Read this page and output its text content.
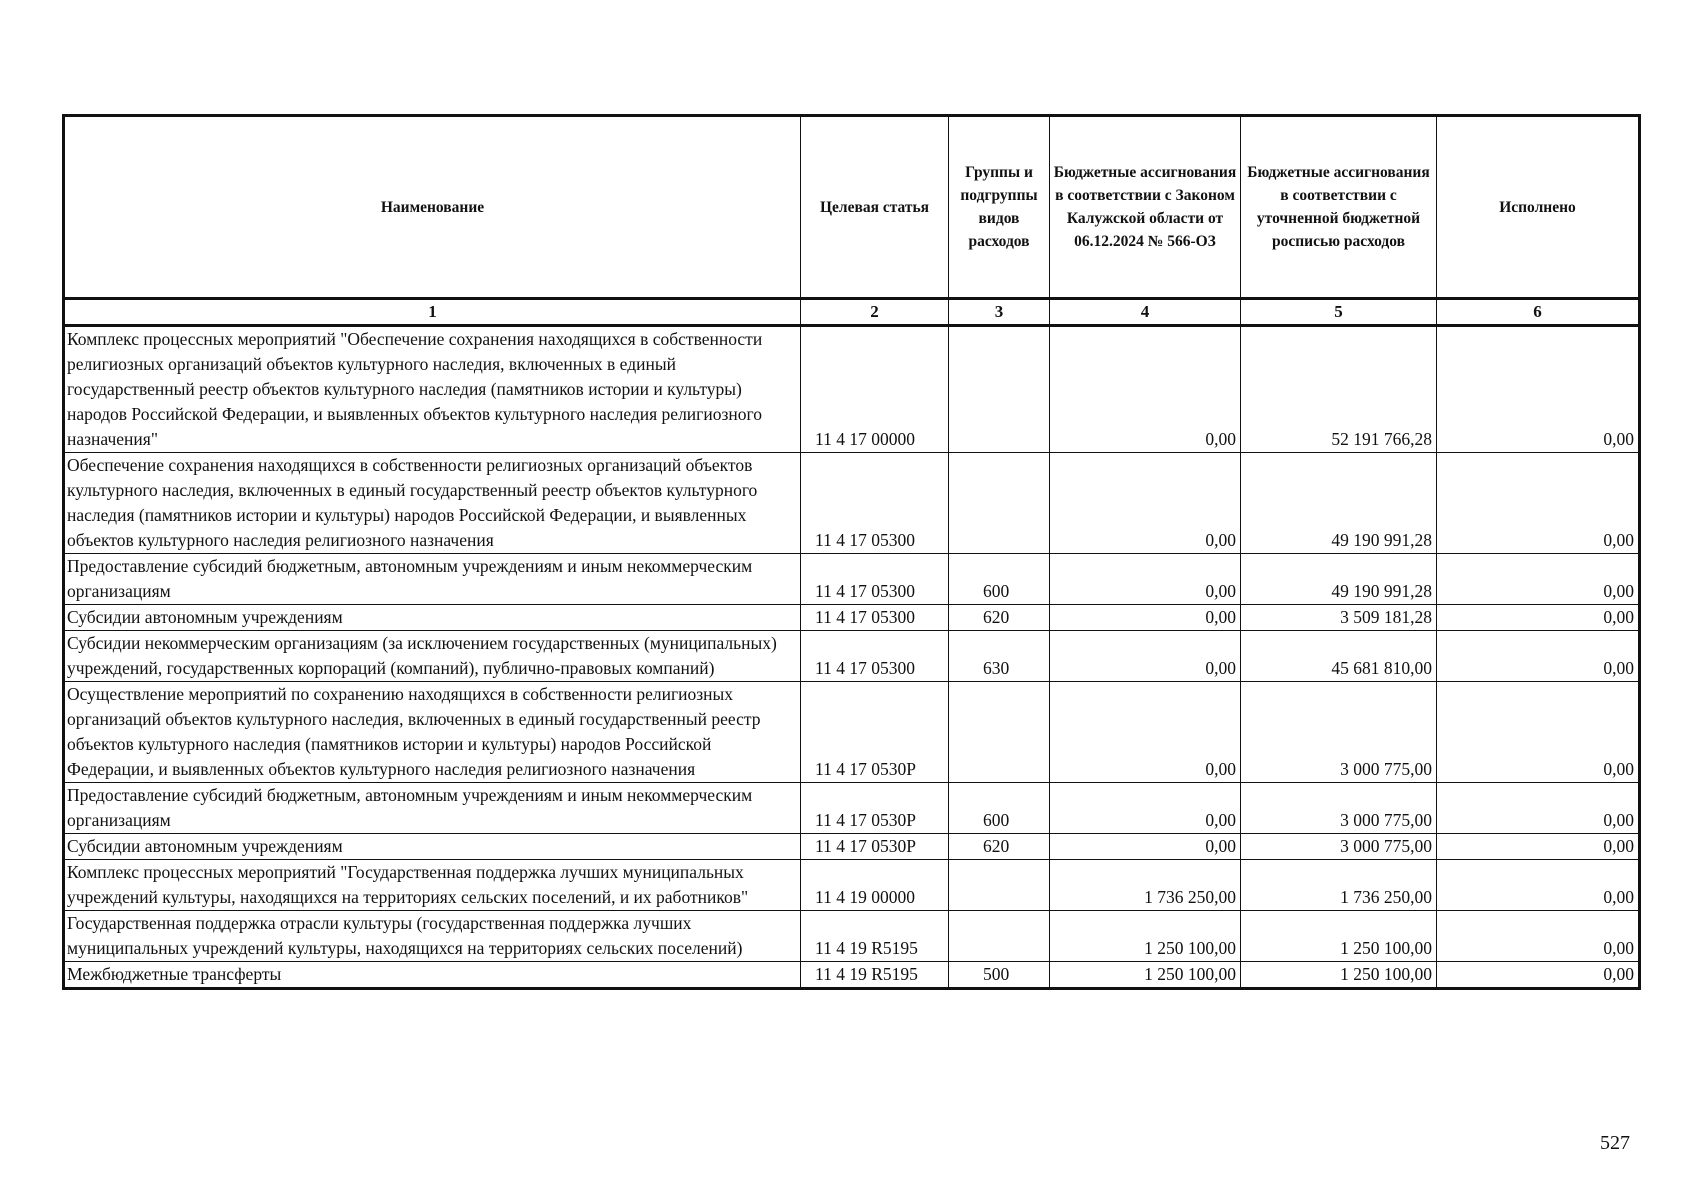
Наименование	Целевая статья	Группы и подгруппы видов расходов	Бюджетные ассигнования в соответствии с Законом Калужской области от 06.12.2024 № 566-ОЗ	Бюджетные ассигнования в соответствии с уточненной бюджетной росписью расходов	Исполнено
1	2	3	4	5	6
Комплекс процессных мероприятий "Обеспечение сохранения находящихся в собственности религиозных организаций объектов культурного наследия, включенных в единый государственный реестр объектов культурного наследия (памятников истории и культуры) народов Российской Федерации, и выявленных объектов культурного наследия религиозного назначения"	11 4 17 00000		0,00	52 191 766,28	0,00
Обеспечение сохранения находящихся в собственности религиозных организаций объектов культурного наследия, включенных в единый государственный реестр объектов культурного наследия (памятников истории и культуры) народов Российской Федерации, и выявленных объектов культурного наследия религиозного назначения	11 4 17 05300		0,00	49 190 991,28	0,00
Предоставление субсидий бюджетным, автономным учреждениям и иным некоммерческим организациям	11 4 17 05300	600	0,00	49 190 991,28	0,00
Субсидии автономным учреждениям	11 4 17 05300	620	0,00	3 509 181,28	0,00
Субсидии некоммерческим организациям (за исключением государственных (муниципальных) учреждений, государственных корпораций (компаний), публично-правовых компаний)	11 4 17 05300	630	0,00	45 681 810,00	0,00
Осуществление мероприятий по сохранению находящихся в собственности религиозных организаций объектов культурного наследия, включенных в единый государственный реестр объектов культурного наследия (памятников истории и культуры) народов Российской Федерации, и выявленных объектов культурного наследия религиозного назначения	11 4 17 0530P		0,00	3 000 775,00	0,00
Предоставление субсидий бюджетным, автономным учреждениям и иным некоммерческим организациям	11 4 17 0530P	600	0,00	3 000 775,00	0,00
Субсидии автономным учреждениям	11 4 17 0530P	620	0,00	3 000 775,00	0,00
Комплекс процессных мероприятий "Государственная поддержка лучших муниципальных учреждений культуры, находящихся на территориях сельских поселений, и их работников"	11 4 19 00000		1 736 250,00	1 736 250,00	0,00
Государственная поддержка отрасли культуры (государственная поддержка лучших муниципальных учреждений культуры, находящихся на территориях сельских поселений)	11 4 19 R5195		1 250 100,00	1 250 100,00	0,00
Межбюджетные трансферты	11 4 19 R5195	500	1 250 100,00	1 250 100,00	0,00
527
